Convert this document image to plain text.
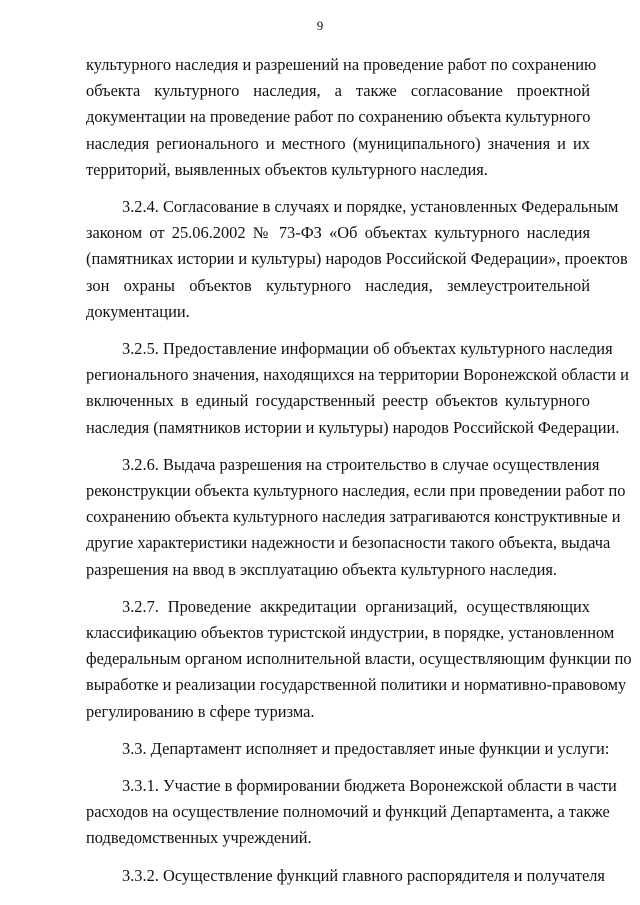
9
культурного наследия и разрешений на проведение работ по сохранению
объекта культурного наследия, а также согласование проектной
документации на проведение работ по сохранению объекта культурного
наследия регионального и местного (муниципального) значения и их
территорий, выявленных объектов культурного наследия.
3.2.4. Согласование в случаях и порядке, установленных Федеральным
законом от 25.06.2002 № 73-ФЗ «Об объектах культурного наследия
(памятниках истории и культуры) народов Российской Федерации», проектов
зон охраны объектов культурного наследия, землеустроительной
документации.
3.2.5. Предоставление информации об объектах культурного наследия
регионального значения, находящихся на территории Воронежской области и
включенных в единый государственный реестр объектов культурного
наследия (памятников истории и культуры) народов Российской Федерации.
3.2.6. Выдача разрешения на строительство в случае осуществления
реконструкции объекта культурного наследия, если при проведении работ по
сохранению объекта культурного наследия затрагиваются конструктивные и
другие характеристики надежности и безопасности такого объекта, выдача
разрешения на ввод в эксплуатацию объекта культурного наследия.
3.2.7. Проведение аккредитации организаций, осуществляющих
классификацию объектов туристской индустрии, в порядке, установленном
федеральным органом исполнительной власти, осуществляющим функции по
выработке и реализации государственной политики и нормативно-правовому
регулированию в сфере туризма.
3.3. Департамент исполняет и предоставляет иные функции и услуги:
3.3.1. Участие в формировании бюджета Воронежской области в части
расходов на осуществление полномочий и функций Департамента, а также
подведомственных учреждений.
3.3.2. Осуществление функций главного распорядителя и получателя
